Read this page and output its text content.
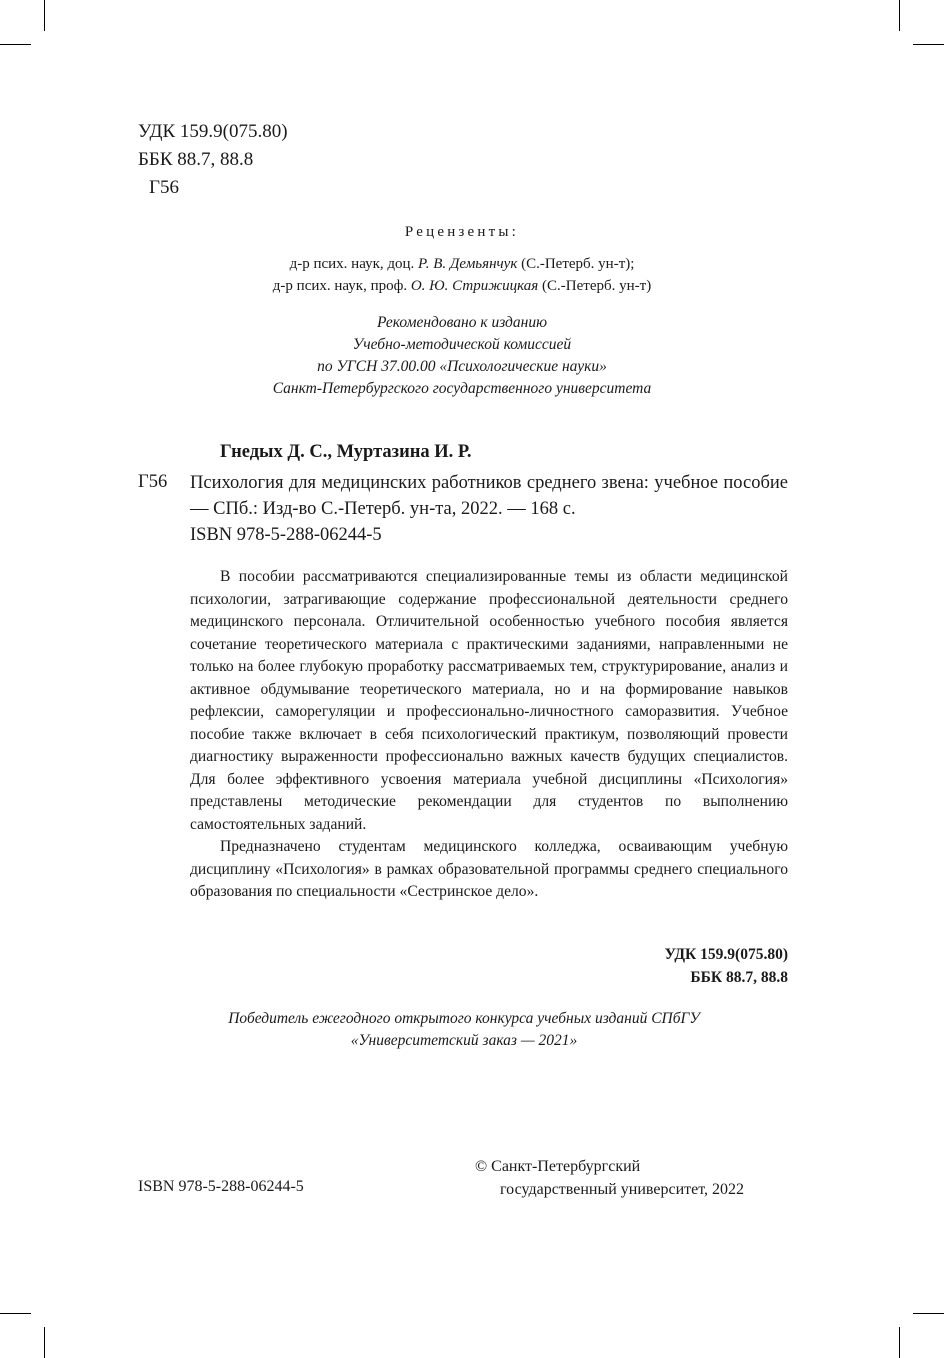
УДК 159.9(075.80)
ББК 88.7, 88.8
Г56
Рецензенты:
д-р псих. наук, доц. Р. В. Демьянчук (С.-Петерб. ун-т);
д-р псих. наук, проф. О. Ю. Стрижицкая (С.-Петерб. ун-т)
Рекомендовано к изданию
Учебно-методической комиссией
по УГСН 37.00.00 «Психологические науки»
Санкт-Петербургского государственного университета
Гнедых Д. С., Муртазина И. Р.
Г56 Психология для медицинских работников среднего звена: учебное пособие — СПб.: Изд-во С.-Петерб. ун-та, 2022. — 168 с.
ISBN 978-5-288-06244-5

В пособии рассматриваются специализированные темы из области медицинской психологии, затрагивающие содержание профессиональной деятельности среднего медицинского персонала. Отличительной особенностью учебного пособия является сочетание теоретического материала с практическими заданиями, направленными не только на более глубокую проработку рассматриваемых тем, структурирование, анализ и активное обдумывание теоретического материала, но и на формирование навыков рефлексии, саморегуляции и профессионально-личностного саморазвития. Учебное пособие также включает в себя психологический практикум, позволяющий провести диагностику выраженности профессионально важных качеств будущих специалистов. Для более эффективного усвоения материала учебной дисциплины «Психология» представлены методические рекомендации для студентов по выполнению самостоятельных заданий.

Предназначено студентам медицинского колледжа, осваивающим учебную дисциплину «Психология» в рамках образовательной программы среднего специального образования по специальности «Сестринское дело».

УДК 159.9(075.80)
ББК 88.7, 88.8
Победитель ежегодного открытого конкурса учебных изданий СПбГУ
«Университетский заказ — 2021»
ISBN 978-5-288-06244-5
© Санкт-Петербургский
государственный университет, 2022
